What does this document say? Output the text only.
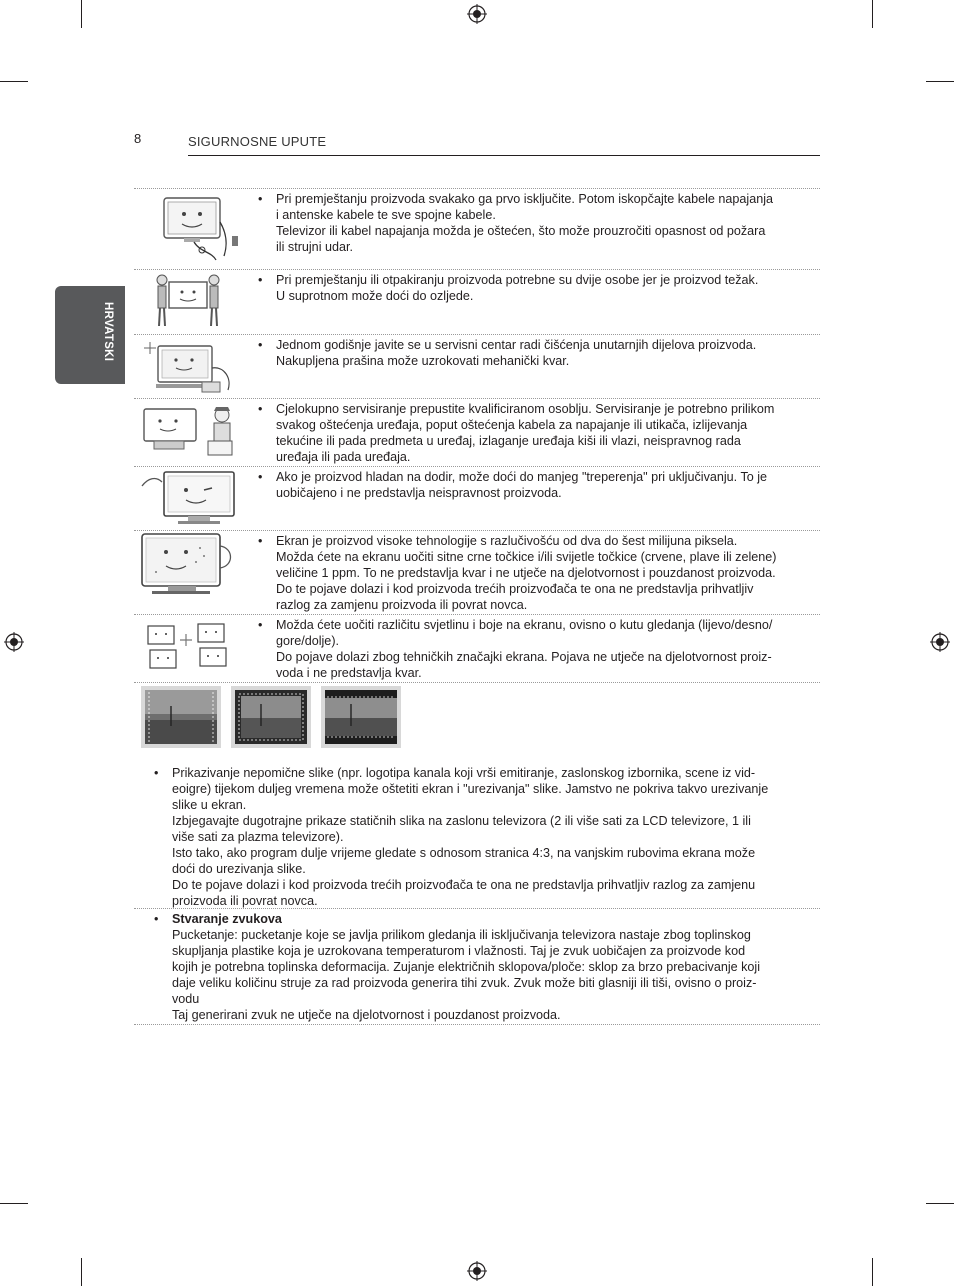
8	SIGURNOSNE UPUTE
HRVATSKI
• Pri premještanju proizvoda svakako ga prvo isključite. Potom iskopčajte kabele napajanja
i antenske kabele te sve spojne kabele.
Televizor ili kabel napajanja možda je oštećen, što može prouzročiti opasnost od požara
ili strujni udar.
• Pri premještanju ili otpakiranju proizvoda potrebne su dvije osobe jer je proizvod težak.
U suprotnom može doći do ozljede.
• Jednom godišnje javite se u servisni centar radi čišćenja unutarnjih dijelova proizvoda.
Nakupljena prašina može uzrokovati mehanički kvar.
• Cjelokupno servisiranje prepustite kvalificiranom osoblju. Servisiranje je potrebno prilikom
svakog oštećenja uređaja, poput oštećenja kabela za napajanje ili utikača, izlijevanja
tekućine ili pada predmeta u uređaj, izlaganje uređaja kiši ili vlazi, neispravnog rada
uređaja ili pada uređaja.
• Ako je proizvod hladan na dodir, može doći do manjeg "treperenja" pri uključivanju. To je
uobičajeno i ne predstavlja neispravnost proizvoda.
• Ekran je proizvod visoke tehnologije s razlučivošću od dva do šest milijuna piksela.
Možda ćete na ekranu uočiti sitne crne točkice i/ili svijetle točkice (crvene, plave ili zelene)
veličine 1 ppm. To ne predstavlja kvar i ne utječe na djelotvornost i pouzdanost proizvoda.
Do te pojave dolazi i kod proizvoda trećih proizvođača te ona ne predstavlja prihvatljiv
razlog za zamjenu proizvoda ili povrat novca.
• Možda ćete uočiti različitu svjetlinu i boje na ekranu, ovisno o kutu gledanja (lijevo/desno/
gore/dolje).
Do pojave dolazi zbog tehničkih značajki ekrana. Pojava ne utječe na djelotvornost proiz-
voda i ne predstavlja kvar.
• Prikazivanje nepomične slike (npr. logotipa kanala koji vrši emitiranje, zaslonskog izbornika, scene iz vid-
eoigre) tijekom duljeg vremena može oštetiti ekran i "urezivanja" slike. Jamstvo ne pokriva takvo urezivanje
slike u ekran.
Izbjegavajte dugotrajne prikaze statičnih slika na zaslonu televizora (2 ili više sati za LCD televizore, 1 ili
više sati za plazma televizore).
Isto tako, ako program dulje vrijeme gledate s odnosom stranica 4:3, na vanjskim rubovima ekrana može
doći do urezivanja slike.
Do te pojave dolazi i kod proizvoda trećih proizvođača te ona ne predstavlja prihvatljiv razlog za zamjenu
proizvoda ili povrat novca.
• Stvaranje zvukova
Pucketanje: pucketanje koje se javlja prilikom gledanja ili isključivanja televizora nastaje zbog toplinskog
skupljanja plastike koja je uzrokovana temperaturom i vlažnosti. Taj je zvuk uobičajen za proizvode kod
kojih je potrebna toplinska deformacija. Zujanje električnih sklopova/ploče: sklop za brzo prebacivanje koji
daje veliku količinu struje za rad proizvoda generira tihi zvuk. Zvuk može biti glasniji ili tiši, ovisno o proiz-
vodu
Taj generirani zvuk ne utječe na djelotvornost i pouzdanost proizvoda.
